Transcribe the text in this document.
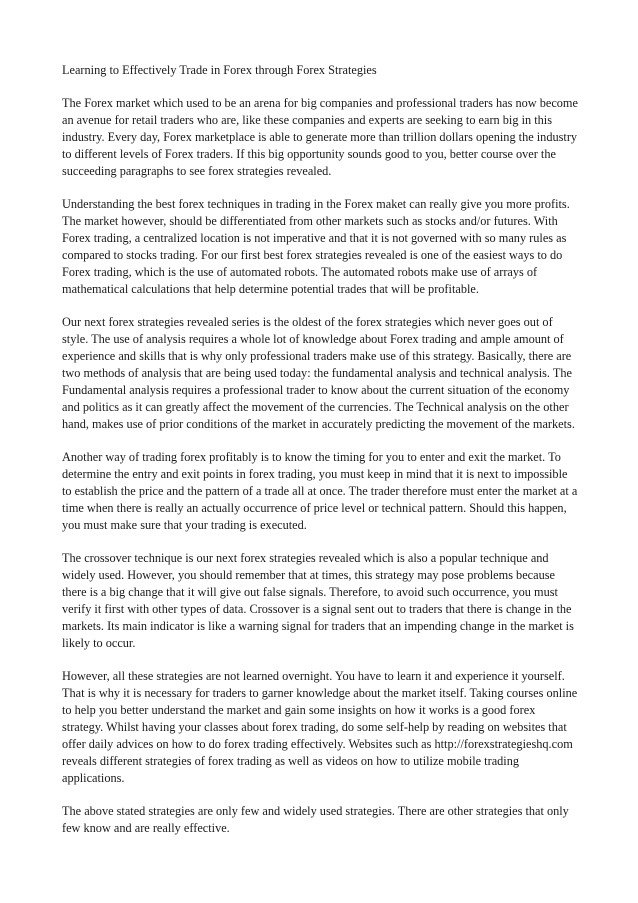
Learning to Effectively Trade in Forex through Forex Strategies

The Forex market which used to be an arena for big companies and professional traders has now become an avenue for retail traders who are, like these companies and experts are seeking to earn big in this industry. Every day, Forex marketplace is able to generate more than trillion dollars opening the industry to different levels of Forex traders. If this big opportunity sounds good to you, better course over the succeeding paragraphs to see forex strategies revealed.

Understanding the best forex techniques in trading in the Forex maket can really give you more profits. The market however, should be differentiated from other markets such as stocks and/or futures. With Forex trading, a centralized location is not imperative and that it is not governed with so many rules as compared to stocks trading. For our first best forex strategies revealed is one of the easiest ways to do Forex trading, which is the use of automated robots. The automated robots make use of arrays of mathematical calculations that help determine potential trades that will be profitable.

Our next forex strategies revealed series is the oldest of the forex strategies which never goes out of style. The use of analysis requires a whole lot of knowledge about Forex trading and ample amount of experience and skills that is why only professional traders make use of this strategy. Basically, there are two methods of analysis that are being used today: the fundamental analysis and technical analysis. The Fundamental analysis requires a professional trader to know about the current situation of the economy and politics as it can greatly affect the movement of the currencies. The Technical analysis on the other hand, makes use of prior conditions of the market in accurately predicting the movement of the markets.

Another way of trading forex profitably is to know the timing for you to enter and exit the market. To determine the entry and exit points in forex trading, you must keep in mind that it is next to impossible to establish the price and the pattern of a trade all at once. The trader therefore must enter the market at a time when there is really an actually occurrence of price level or technical pattern. Should this happen, you must make sure that your trading is executed.

The crossover technique is our next forex strategies revealed which is also a popular technique and widely used. However, you should remember that at times, this strategy may pose problems because there is a big change that it will give out false signals. Therefore, to avoid such occurrence, you must verify it first with other types of data. Crossover is a signal sent out to traders that there is change in the markets. Its main indicator is like a warning signal for traders that an impending change in the market is likely to occur.

However, all these strategies are not learned overnight. You have to learn it and experience it yourself. That is why it is necessary for traders to garner knowledge about the market itself. Taking courses online to help you better understand the market and gain some insights on how it works is a good forex strategy. Whilst having your classes about forex trading, do some self-help by reading on websites that offer daily advices on how to do forex trading effectively. Websites such as http://forexstrategieshq.com reveals different strategies of forex trading as well as videos on how to utilize mobile trading applications.

The above stated strategies are only few and widely used strategies. There are other strategies that only few know and are really effective.
